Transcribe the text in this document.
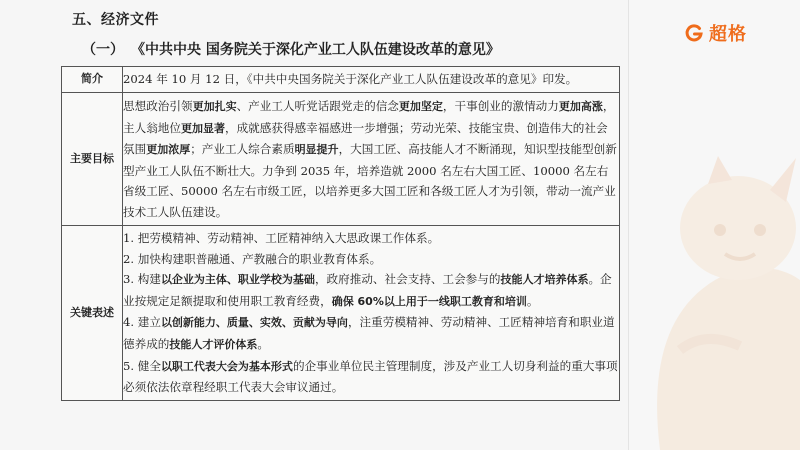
超格
五、经济文件
（一） 《中共中央 国务院关于深化产业工人队伍建设改革的意见》
简介	2024 年 10 月 12 日，《中共中央国务院关于深化产业工人队伍建设改革的意见》印发。
主要目标	思想政治引领更加扎实、产业工人听党话跟党走的信念更加坚定，干事创业的激情动力更加高涨，主人翁地位更加显著，成就感获得感幸福感进一步增强；劳动光荣、技能宝贵、创造伟大的社会氛围更加浓厚；产业工人综合素质明显提升，大国工匠、高技能人才不断涌现，知识型技能型创新型产业工人队伍不断壮大。力争到 2035 年，培养造就 2000 名左右大国工匠、10000 名左右省级工匠、50000 名左右市级工匠，以培养更多大国工匠和各级工匠人才为引领，带动一流产业技术工人队伍建设。
关键表述	1. 把劳模精神、劳动精神、工匠精神纳入大思政课工作体系。

2. 加快构建职普融通、产教融合的职业教育体系。

3. 构建以企业为主体、职业学校为基础，政府推动、社会支持、工会参与的技能人才培养体系。企业按规定足额提取和使用职工教育经费，确保 60%以上用于一线职工教育和培训。

4. 建立以创新能力、质量、实效、贡献为导向，注重劳模精神、劳动精神、工匠精神培育和职业道德养成的技能人才评价体系。

5. 健全以职工代表大会为基本形式的企事业单位民主管理制度，涉及产业工人切身利益的重大事项必须依法依章程经职工代表大会审议通过。
